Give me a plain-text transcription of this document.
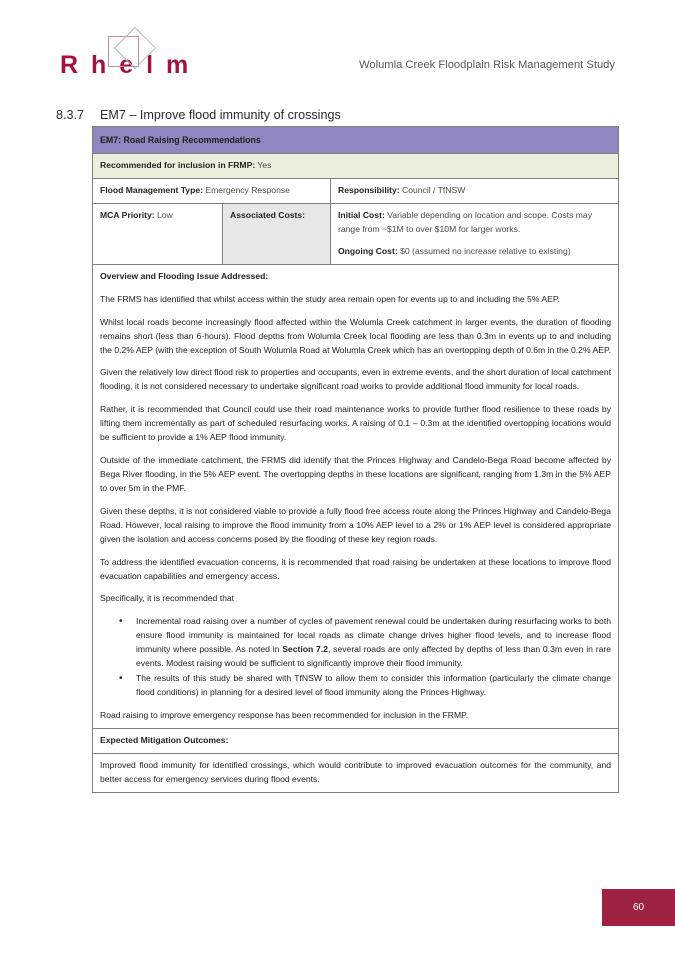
R h e l m	Wolumla Creek Floodplain Risk Management Study
8.3.7 EM7 – Improve flood immunity of crossings
EM7: Road Raising Recommendations		
Recommended for inclusion in FRMP: Yes		
Flood Management Type: Emergency Response		Responsibility: Council / TfNSW
MCA Priority: Low	Associated Costs:	Initial Cost: Variable depending on location and scope. Costs may range from ~$1M to over $10M for larger works.

Ongoing Cost: $0 (assumed no increase relative to existing)

Overview and Flooding Issue Addressed:

The FRMS has identified that whilst access within the study area remain open for events up to and including the 5% AEP.

Whilst local roads become increasingly flood affected within the Wolumla Creek catchment in larger events, the duration of flooding remains short (less than 6-hours). Flood depths from Wolumla Creek local flooding are less than 0.3m in events up to and including the 0.2% AEP (with the exception of South Wolumla Road at Wolumla Creek which has an overtopping depth of 0.6m in the 0.2% AEP.

Given the relatively low direct flood risk to properties and occupants, even in extreme events, and the short duration of local catchment flooding, it is not considered necessary to undertake significant road works to provide additional flood immunity for local roads.

Rather, it is recommended that Council could use their road maintenance works to provide further flood resilience to these roads by lifting them incrementally as part of scheduled resurfacing works. A raising of 0.1 – 0.3m at the identified overtopping locations would be sufficient to provide a 1% AEP flood immunity.

Outside of the immediate catchment, the FRMS did identify that the Princes Highway and Candelo-Bega Road become affected by Bega River flooding, in the 5% AEP event. The overtopping depths in these locations are significant, ranging from 1.3m in the 5% AEP to over 5m in the PMF.

Given these depths, it is not considered viable to provide a fully flood free access route along the Princes Highway and Candelo-Bega Road. However, local raising to improve the flood immunity from a 10% AEP level to a 2% or 1% AEP level is considered appropriate given the isolation and access concerns posed by the flooding of these key region roads.

To address the identified evacuation concerns, it is recommended that road raising be undertaken at these locations to improve flood evacuation capabilities and emergency access.

Specifically, it is recommended that

• Incremental road raising over a number of cycles of pavement renewal could be undertaken during resurfacing works to both ensure flood immunity is maintained for local roads as climate change drives higher flood levels, and to increase flood immunity where possible. As noted in Section 7.2, several roads are only affected by depths of less than 0.3m even in rare events. Modest raising would be sufficient to significantly improve their flood immunity.
• The results of this study be shared with TfNSW to allow them to consider this information (particularly the climate change flood conditions) in planning for a desired level of flood immunity along the Princes Highway.

Road raising to improve emergency response has been recommended for inclusion in the FRMP.

Expected Mitigation Outcomes:		

Improved flood immunity for identified crossings, which would contribute to improved evacuation outcomes for the community, and better access for emergency services during flood events.		

60
